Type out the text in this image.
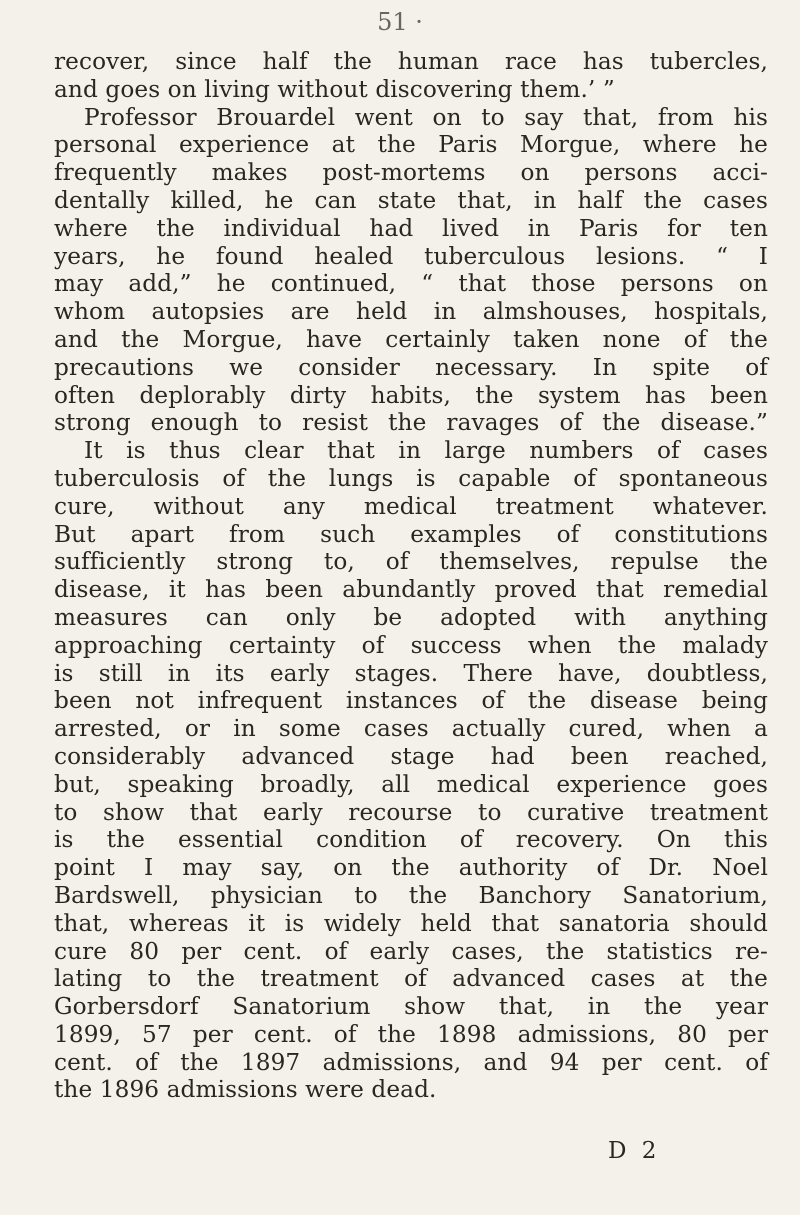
51 ·
recover, since half the human race has tubercles,
and goes on living without discovering them.’ ”
Professor Brouardel went on to say that, from his
personal experience at the Paris Morgue, where he
frequently makes post-mortems on persons acci-
dentally killed, he can state that, in half the cases
where the individual had lived in Paris for ten
years, he found healed tuberculous lesions. “ I
may add,” he continued, “ that those persons on
whom autopsies are held in almshouses, hospitals,
and the Morgue, have certainly taken none of the
precautions we consider necessary. In spite of
often deplorably dirty habits, the system has been
strong enough to resist the ravages of the disease.”
It is thus clear that in large numbers of cases
tuberculosis of the lungs is capable of spontaneous
cure, without any medical treatment whatever.
But apart from such examples of constitutions
sufficiently strong to, of themselves, repulse the
disease, it has been abundantly proved that remedial
measures can only be adopted with anything
approaching certainty of success when the malady
is still in its early stages. There have, doubtless,
been not infrequent instances of the disease being
arrested, or in some cases actually cured, when a
considerably advanced stage had been reached,
but, speaking broadly, all medical experience goes
to show that early recourse to curative treatment
is the essential condition of recovery. On this
point I may say, on the authority of Dr. Noel
Bardswell, physician to the Banchory Sanatorium,
that, whereas it is widely held that sanatoria should
cure 80 per cent. of early cases, the statistics re-
lating to the treatment of advanced cases at the
Gorbersdorf Sanatorium show that, in the year
1899, 57 per cent. of the 1898 admissions, 80 per
cent. of the 1897 admissions, and 94 per cent. of
the 1896 admissions were dead.
D 2
